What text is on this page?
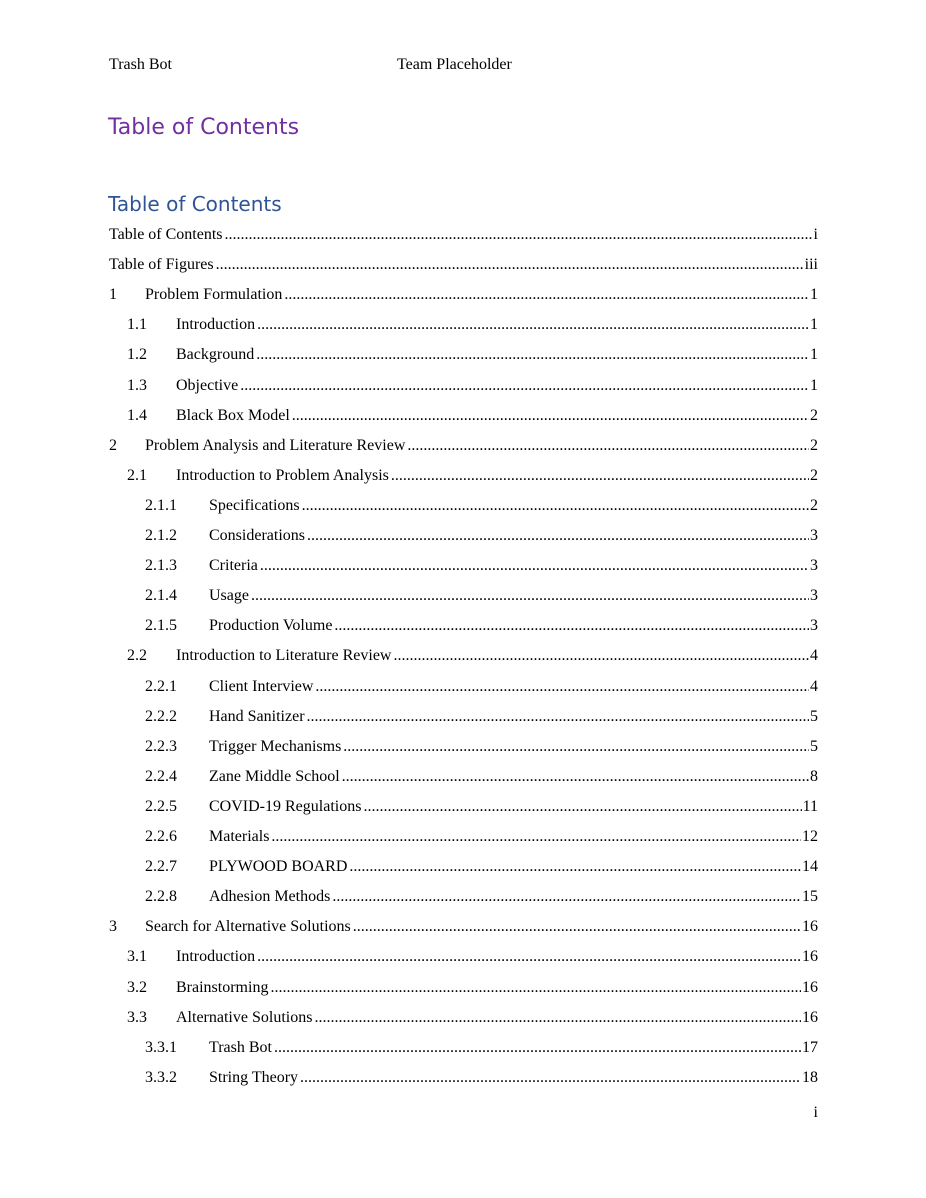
Trash Bot	Team Placeholder
Table of Contents
Table of Contents
Table of Contents .....	i
Table of Figures .....	iii
1 Problem Formulation .....	1
1.1 Introduction .....	1
1.2 Background .....	1
1.3 Objective .....	1
1.4 Black Box Model .....	2
2 Problem Analysis and Literature Review .....	2
2.1 Introduction to Problem Analysis .....	2
2.1.1 Specifications .....	2
2.1.2 Considerations .....	3
2.1.3 Criteria .....	3
2.1.4 Usage .....	3
2.1.5 Production Volume .....	3
2.2 Introduction to Literature Review .....	4
2.2.1 Client Interview .....	4
2.2.2 Hand Sanitizer .....	5
2.2.3 Trigger Mechanisms .....	5
2.2.4 Zane Middle School .....	8
2.2.5 COVID-19 Regulations .....	11
2.2.6 Materials .....	12
2.2.7 PLYWOOD BOARD .....	14
2.2.8 Adhesion Methods .....	15
3 Search for Alternative Solutions .....	16
3.1 Introduction .....	16
3.2 Brainstorming .....	16
3.3 Alternative Solutions .....	16
3.3.1 Trash Bot .....	17
3.3.2 String Theory .....	18
i
